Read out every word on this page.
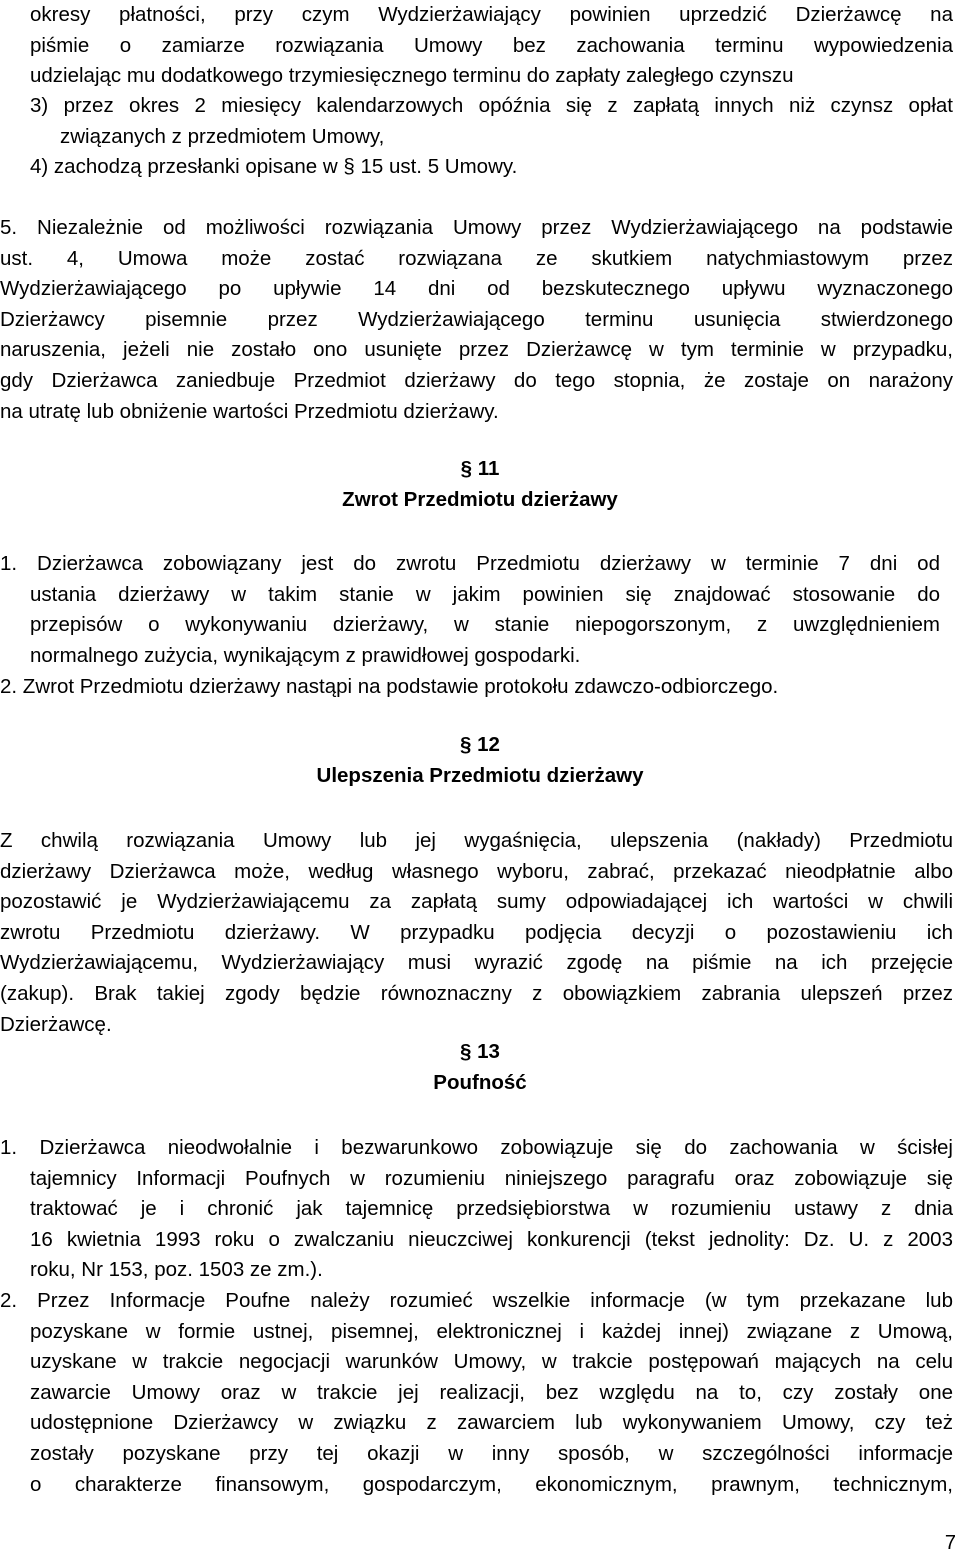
okresy płatności, przy czym Wydzierżawiający powinien uprzedzić Dzierżawcę na
piśmie o zamiarze rozwiązania Umowy bez zachowania terminu wypowiedzenia
udzielając mu dodatkowego trzymiesięcznego terminu do zapłaty zaległego czynszu
3) przez okres 2 miesięcy kalendarzowych opóźnia się z zapłatą innych niż czynsz opłat
związanych z przedmiotem Umowy,
4) zachodzą przesłanki opisane w § 15 ust. 5 Umowy.
5. Niezależnie od możliwości rozwiązania Umowy przez Wydzierżawiającego na podstawie
ust. 4, Umowa może zostać rozwiązana ze skutkiem natychmiastowym przez
Wydzierżawiającego po upływie 14 dni od bezskutecznego upływu wyznaczonego
Dzierżawcy pisemnie przez Wydzierżawiającego terminu usunięcia stwierdzonego
naruszenia, jeżeli nie zostało ono usunięte przez Dzierżawcę w tym terminie w przypadku,
gdy Dzierżawca zaniedbuje Przedmiot dzierżawy do tego stopnia, że zostaje on narażony
na utratę lub obniżenie wartości Przedmiotu dzierżawy.
§ 11
Zwrot Przedmiotu dzierżawy
1. Dzierżawca zobowiązany jest do zwrotu Przedmiotu dzierżawy w terminie 7 dni od
ustania dzierżawy w takim stanie w jakim powinien się znajdować stosowanie do
przepisów o wykonywaniu dzierżawy, w stanie niepogorszonym, z uwzględnieniem
normalnego zużycia, wynikającym z prawidłowej gospodarki.
2. Zwrot Przedmiotu dzierżawy nastąpi na podstawie protokołu zdawczo-odbiorczego.
§ 12
Ulepszenia Przedmiotu dzierżawy
Z chwilą rozwiązania Umowy lub jej wygaśnięcia, ulepszenia (nakłady) Przedmiotu
dzierżawy Dzierżawca może, według własnego wyboru, zabrać, przekazać nieodpłatnie albo
pozostawić je Wydzierżawiającemu za zapłatą sumy odpowiadającej ich wartości w chwili
zwrotu Przedmiotu dzierżawy. W przypadku podjęcia decyzji o pozostawieniu ich
Wydzierżawiającemu, Wydzierżawiający musi wyrazić zgodę na piśmie na ich przejęcie
(zakup). Brak takiej zgody będzie równoznaczny z obowiązkiem zabrania ulepszeń przez
Dzierżawcę.
§ 13
Poufność
1. Dzierżawca nieodwołalnie i bezwarunkowo zobowiązuje się do zachowania w ścisłej
tajemnicy Informacji Poufnych w rozumieniu niniejszego paragrafu oraz zobowiązuje się
traktować je i chronić jak tajemnicę przedsiębiorstwa w rozumieniu ustawy z dnia
16 kwietnia 1993 roku o zwalczaniu nieuczciwej konkurencji (tekst jednolity: Dz. U. z 2003
roku, Nr 153, poz. 1503 ze zm.).
2. Przez Informacje Poufne należy rozumieć wszelkie informacje (w tym przekazane lub
pozyskane w formie ustnej, pisemnej, elektronicznej i każdej innej) związane z Umową,
uzyskane w trakcie negocjacji warunków Umowy, w trakcie postępowań mających na celu
zawarcie Umowy oraz w trakcie jej realizacji, bez względu na to, czy zostały one
udostępnione Dzierżawcy w związku z zawarciem lub wykonywaniem Umowy, czy też
zostały pozyskane przy tej okazji w inny sposób, w szczególności informacje
o charakterze finansowym, gospodarczym, ekonomicznym, prawnym, technicznym,
7
